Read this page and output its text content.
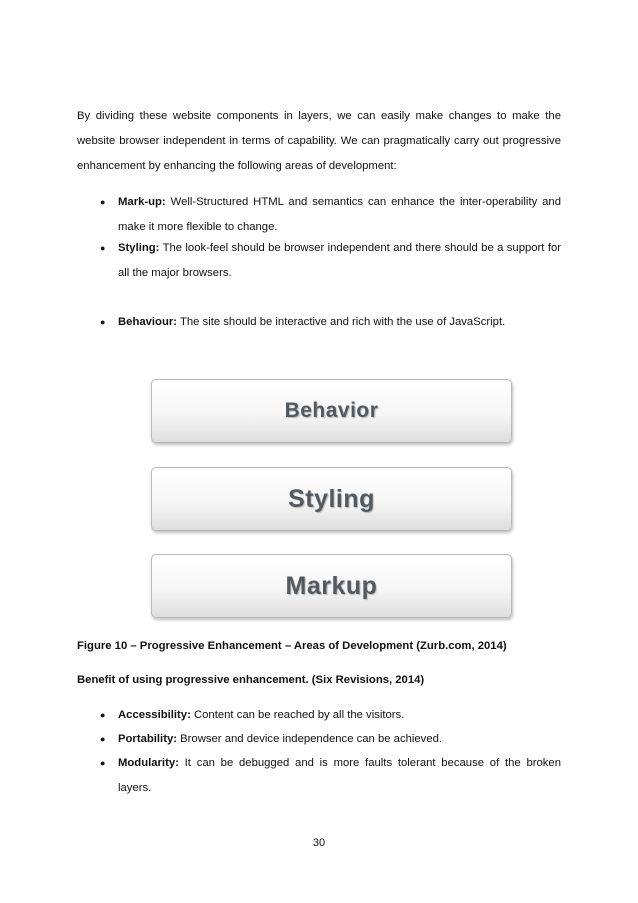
By dividing these website components in layers, we can easily make changes to make the website browser independent in terms of capability. We can pragmatically carry out progressive enhancement by enhancing the following areas of development:

●	Mark-up: Well-Structured HTML and semantics can enhance the inter-operability and make it more flexible to change.
●	Styling: The look-feel should be browser independent and there should be a support for all the major browsers.
●	Behaviour: The site should be interactive and rich with the use of JavaScript.
Behavior
Styling
Markup
Figure 10 – Progressive Enhancement – Areas of Development (Zurb.com, 2014)
Benefit of using progressive enhancement. (Six Revisions, 2014)
●	Accessibility: Content can be reached by all the visitors.
●	Portability: Browser and device independence can be achieved.
●	Modularity: It can be debugged and is more faults tolerant because of the broken layers.
30
